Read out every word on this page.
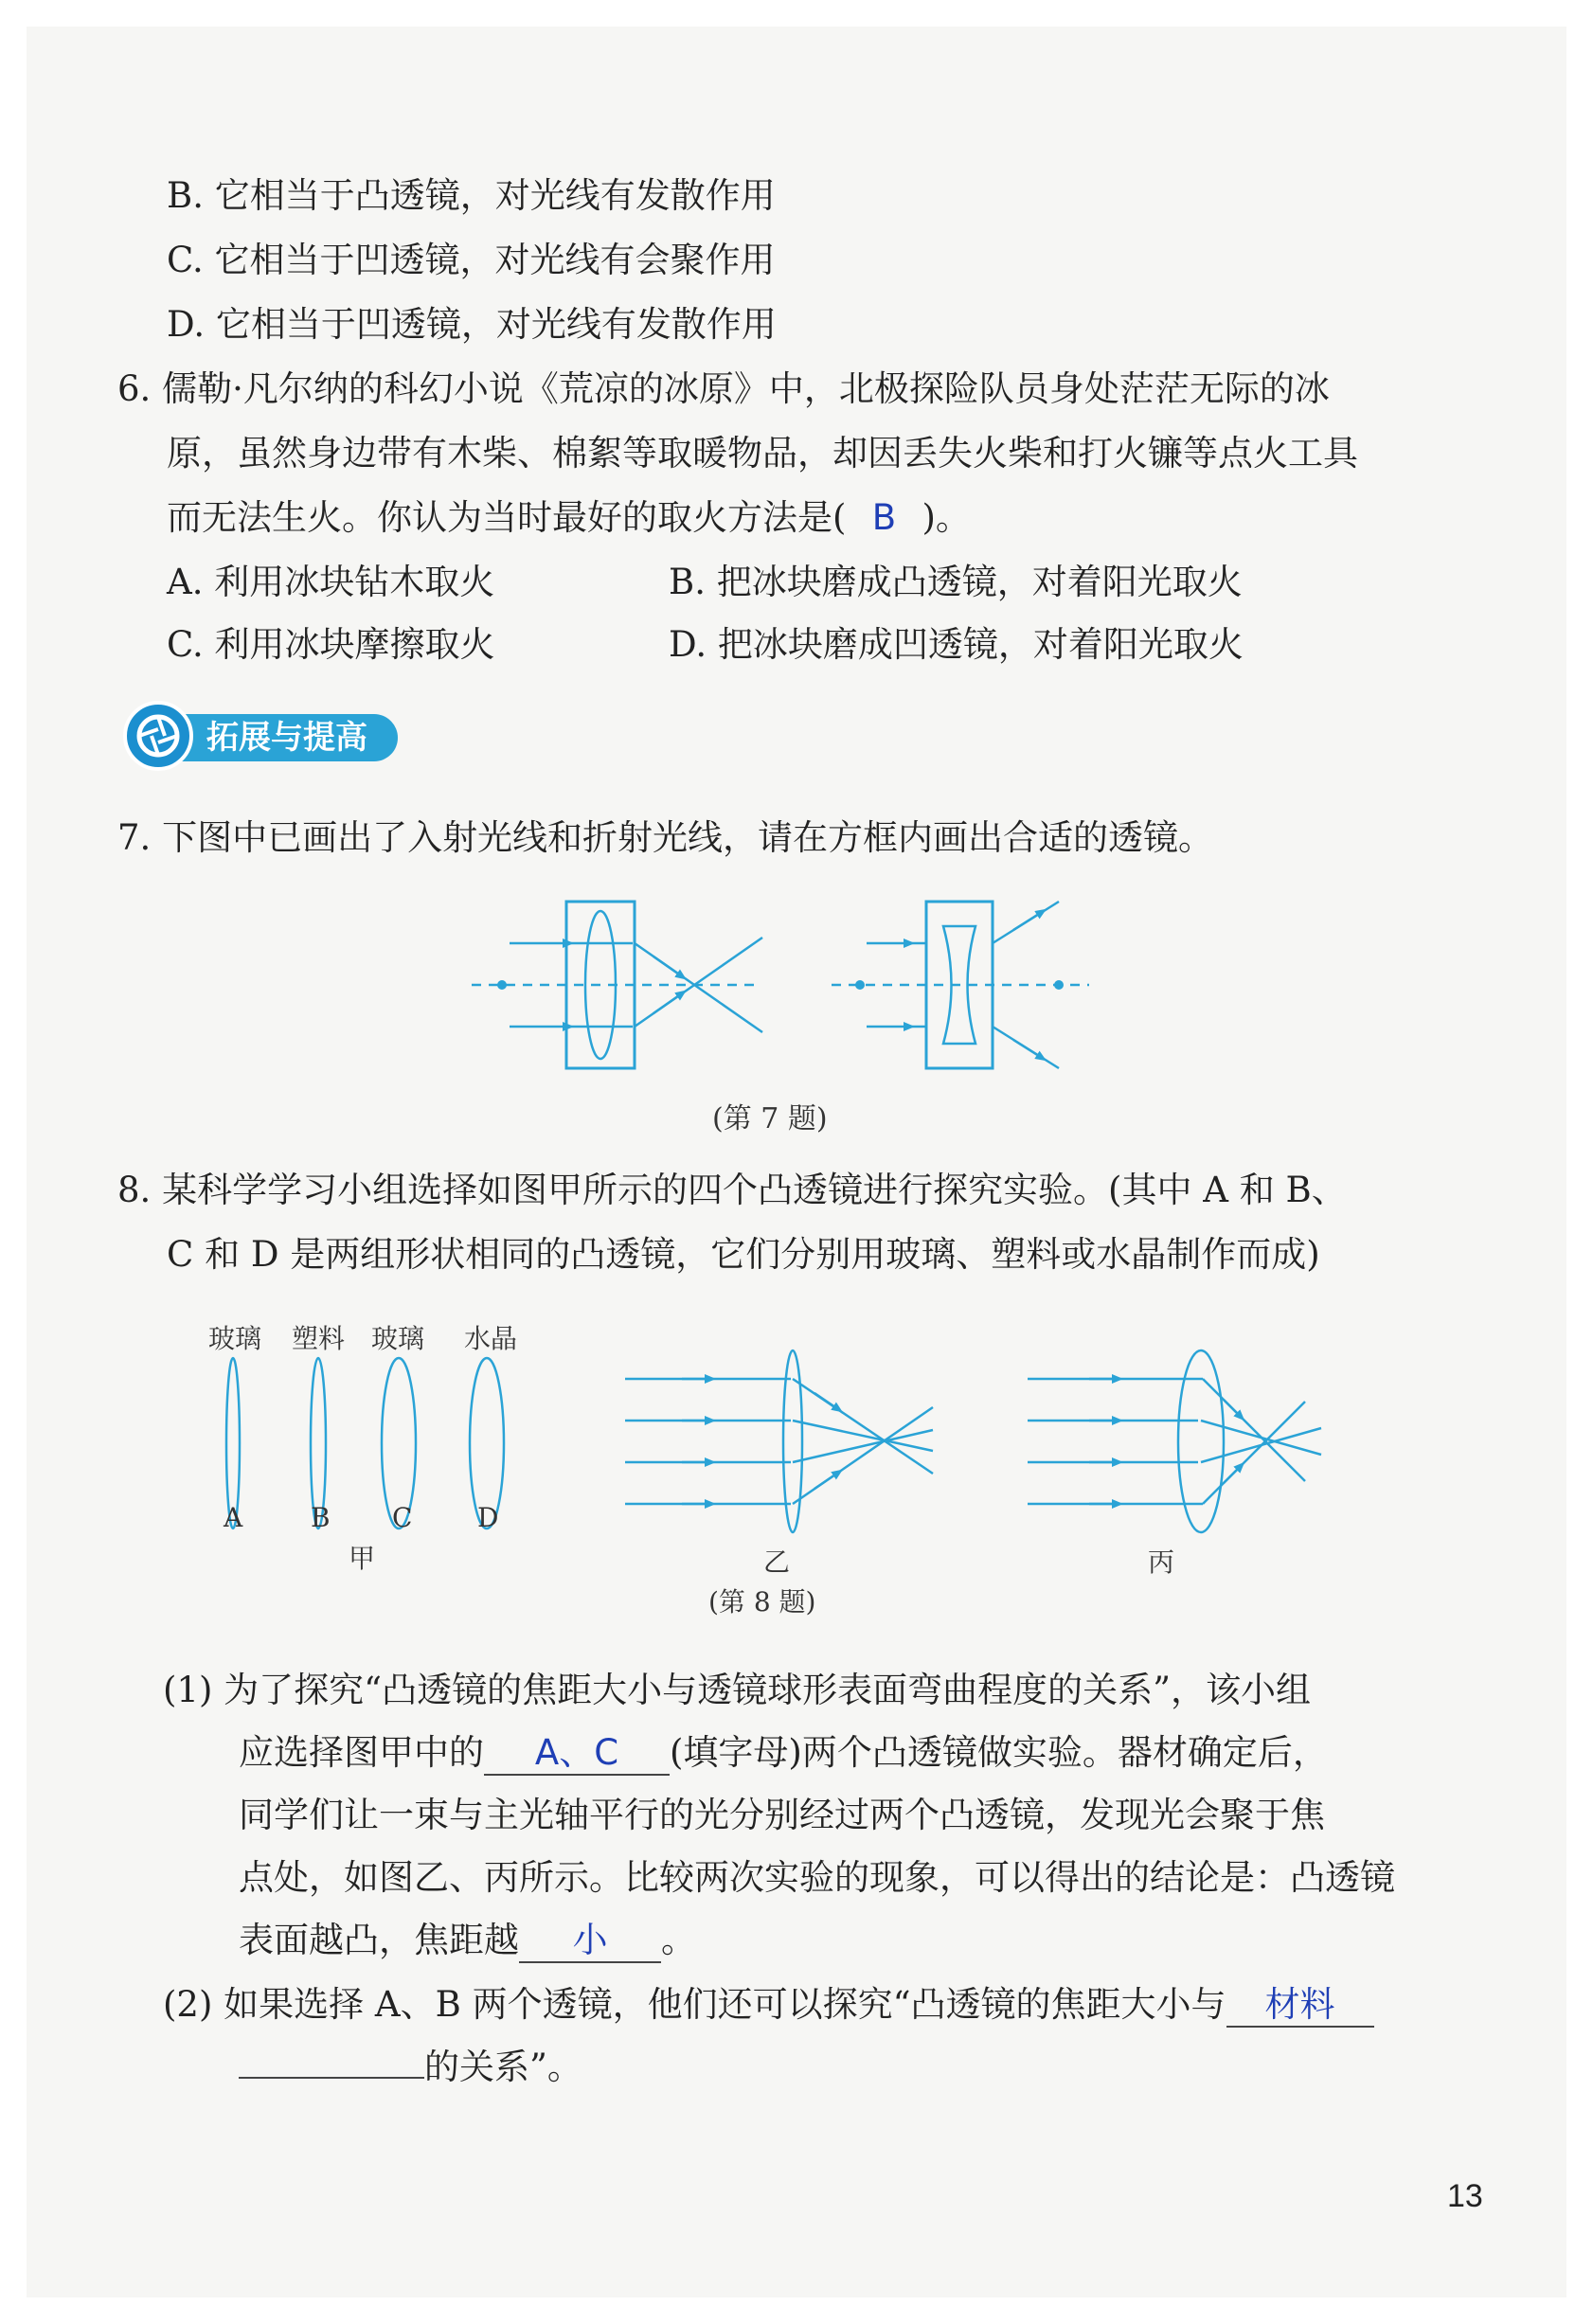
B. 它相当于凸透镜，对光线有发散作用
C. 它相当于凹透镜，对光线有会聚作用
D. 它相当于凹透镜，对光线有发散作用
6. 儒勒·凡尔纳的科幻小说《荒凉的冰原》中，北极探险队员身处茫茫无际的冰
原，虽然身边带有木柴、棉絮等取暖物品，却因丢失火柴和打火镰等点火工具
而无法生火。你认为当时最好的取火方法是( B )。
A. 利用冰块钻木取火	B. 把冰块磨成凸透镜，对着阳光取火
C. 利用冰块摩擦取火	D. 把冰块磨成凹透镜，对着阳光取火
拓展与提高
7. 下图中已画出了入射光线和折射光线，请在方框内画出合适的透镜。
(第 7 题)
8. 某科学学习小组选择如图甲所示的四个凸透镜进行探究实验。(其中 A 和 B、
C 和 D 是两组形状相同的凸透镜，它们分别用玻璃、塑料或水晶制作而成)
玻璃 塑料 玻璃 水晶
A	B C D
甲	乙	丙
(第 8 题)
(1) 为了探究“凸透镜的焦距大小与透镜球形表面弯曲程度的关系”，该小组
应选择图甲中的 A、C (填字母)两个凸透镜做实验。器材确定后，
同学们让一束与主光轴平行的光分别经过两个凸透镜，发现光会聚于焦
点处，如图乙、丙所示。比较两次实验的现象，可以得出的结论是：凸透镜
表面越凸，焦距越 小 。
(2) 如果选择 A、B 两个透镜，他们还可以探究“凸透镜的焦距大小与 材料
的关系”。
13
